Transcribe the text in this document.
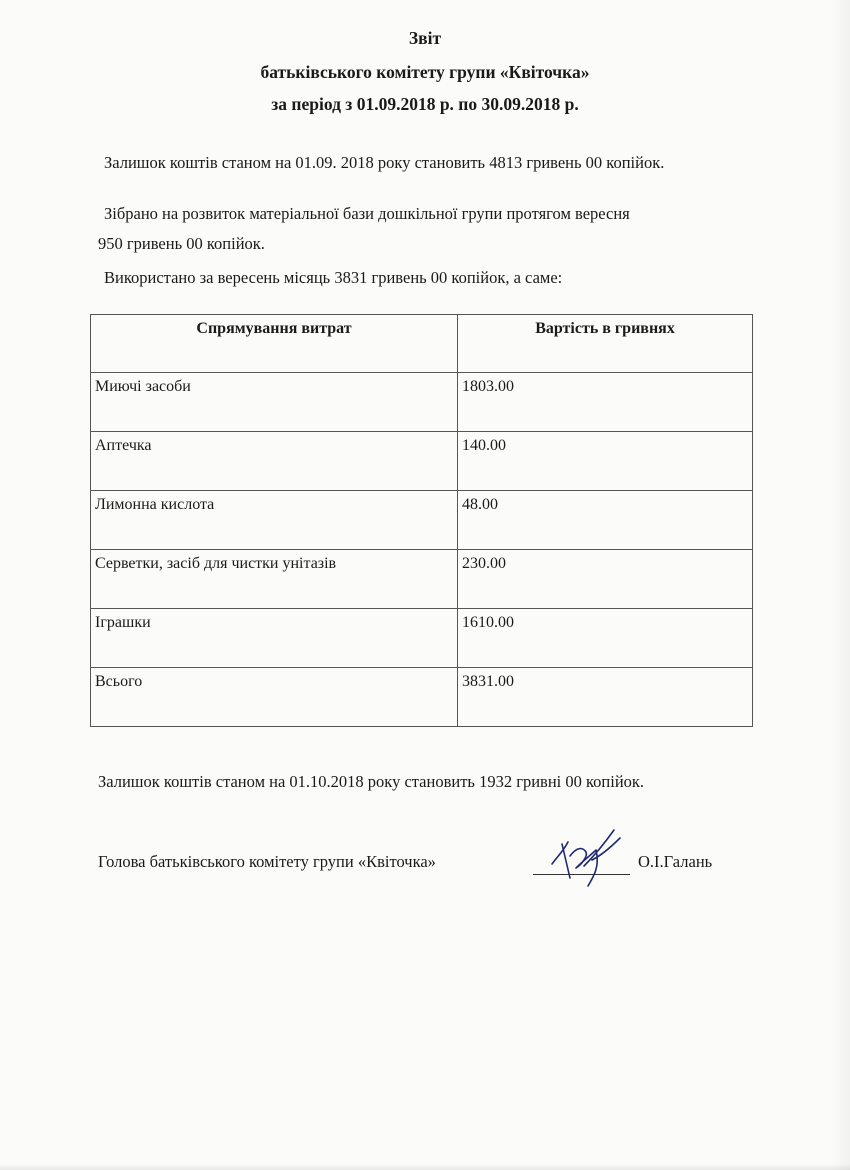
Звіт
батьківського комітету групи «Квіточка»
за період з 01.09.2018 р. по 30.09.2018 р.
Залишок коштів станом на 01.09. 2018 року становить 4813 гривень 00 копійок.
Зібрано на розвиток матеріальної бази дошкільної групи протягом вересня
950 гривень 00 копійок.
Використано за вересень місяць 3831 гривень 00 копійок, а саме:
Спрямування витрат	Вартість в гривнях
Миючі засоби	1803.00
Аптечка	140.00
Лимонна кислота	48.00
Серветки, засіб для чистки унітазів	230.00
Іграшки	1610.00
Всього	3831.00
Залишок коштів станом на 01.10.2018 року становить 1932 гривні 00 копійок.
Голова батьківського комітету групи «Квіточка»	О.І.Галань
